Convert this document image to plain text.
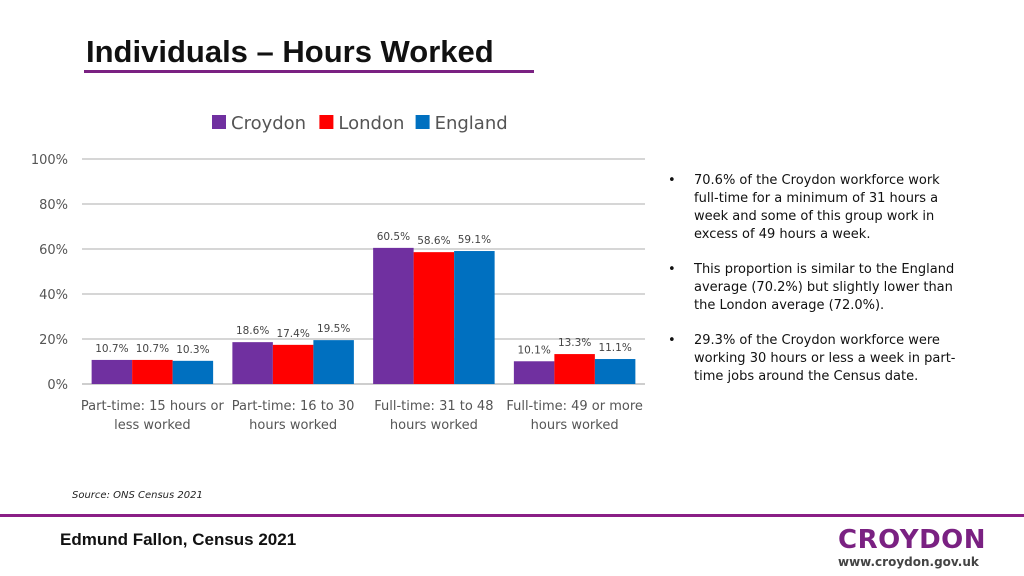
Individuals – Hours Worked
Croydon London England
0%
20%
40%
60%
80%
100%
10.7% 10.7% 10.3%
18.6% 17.4% 19.5%
60.5% 58.6% 59.1%
10.1%
13.3% 11.1%
Part-time: 15 hours or
less worked
Part-time: 16 to 30
hours worked
Full-time: 31 to 48
hours worked
Full-time: 49 or more
hours worked
• 70.6% of the Croydon workforce work full-time for a minimum of 31 hours a week and some of this group work in excess of 49 hours a week.
• This proportion is similar to the England average (70.2%) but slightly lower than the London average (72.0%).
• 29.3% of the Croydon workforce were working 30 hours or less a week in part-time jobs around the Census date.
Source: ONS Census 2021
Edmund Fallon, Census 2021	CROYDON
www.croydon.gov.uk
